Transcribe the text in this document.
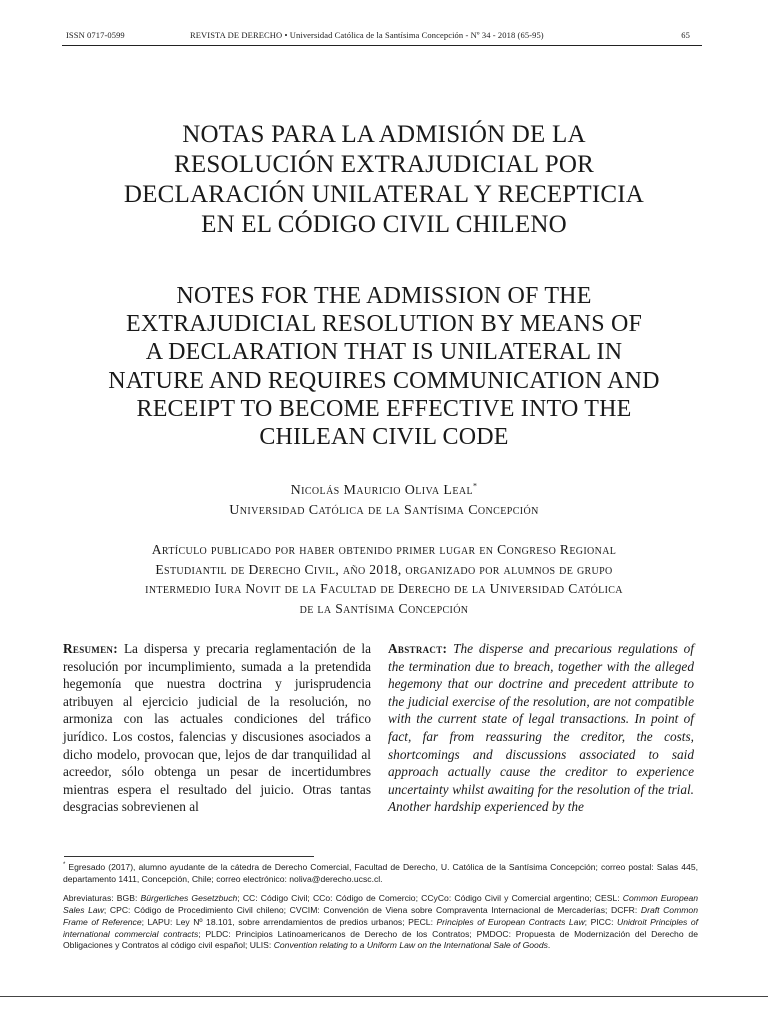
ISSN 0717-0599	REVISTA DE DERECHO • Universidad Católica de la Santísima Concepción - Nº 34 - 2018 (65-95)	65
NOTAS PARA LA ADMISIÓN DE LA
RESOLUCIÓN EXTRAJUDICIAL POR
DECLARACIÓN UNILATERAL Y RECEPTICIA
EN EL CÓDIGO CIVIL CHILENO
NOTES FOR THE ADMISSION OF THE
EXTRAJUDICIAL RESOLUTION BY MEANS OF
A DECLARATION THAT IS UNILATERAL IN
NATURE AND REQUIRES COMMUNICATION AND
RECEIPT TO BECOME EFFECTIVE INTO THE
CHILEAN CIVIL CODE
Nicolás Mauricio Oliva Leal*
Universidad Católica de la Santísima Concepción
Artículo publicado por haber obtenido primer lugar en Congreso Regional
Estudiantil de Derecho Civil, año 2018, organizado por alumnos de grupo
intermedio Iura Novit de la Facultad de Derecho de la Universidad Católica
de la Santísima Concepción
Resumen: La dispersa y precaria reglamentación de la resolución por incumplimiento, sumada a la pretendida hegemonía que nuestra doctrina y jurisprudencia atribuyen al ejercicio judicial de la resolución, no armoniza con las actuales condiciones del tráfico jurídico. Los costos, falencias y discusiones asociados a dicho modelo, provocan que, lejos de dar tranquilidad al acreedor, sólo obtenga un pesar de incertidumbres mientras espera el resultado del juicio. Otras tantas desgracias sobrevienen al
Abstract: The disperse and precarious regulations of the termination due to breach, together with the alleged hegemony that our doctrine and precedent attribute to the judicial exercise of the resolution, are not compatible with the current state of legal transactions. In point of fact, far from reassuring the creditor, the costs, shortcomings and discussions associated to said approach actually cause the creditor to experience uncertainty whilst awaiting for the resolution of the trial. Another hardship experienced by the

* Egresado (2017), alumno ayudante de la cátedra de Derecho Comercial, Facultad de Derecho, U. Católica de la Santísima Concepción; correo postal: Salas 445, departamento 1411, Concepción, Chile; correo electrónico: noliva@derecho.ucsc.cl.

Abreviaturas: BGB: Bürgerliches Gesetzbuch; CC: Código Civil; CCo: Código de Comercio; CCyCo: Código Civil y Comercial argentino; CESL: Common European Sales Law; CPC: Código de Procedimiento Civil chileno; CVCIM: Convención de Viena sobre Compraventa Internacional de Mercaderías; DCFR: Draft Common Frame of Reference; LAPU: Ley Nº 18.101, sobre arrendamientos de predios urbanos; PECL: Principles of European Contracts Law; PICC: Unidroit Principles of international commercial contracts; PLDC: Principios Latinoamericanos de Derecho de los Contratos; PMDOC: Propuesta de Modernización del Derecho de Obligaciones y Contratos al código civil español; ULIS: Convention relating to a Uniform Law on the International Sale of Goods.
